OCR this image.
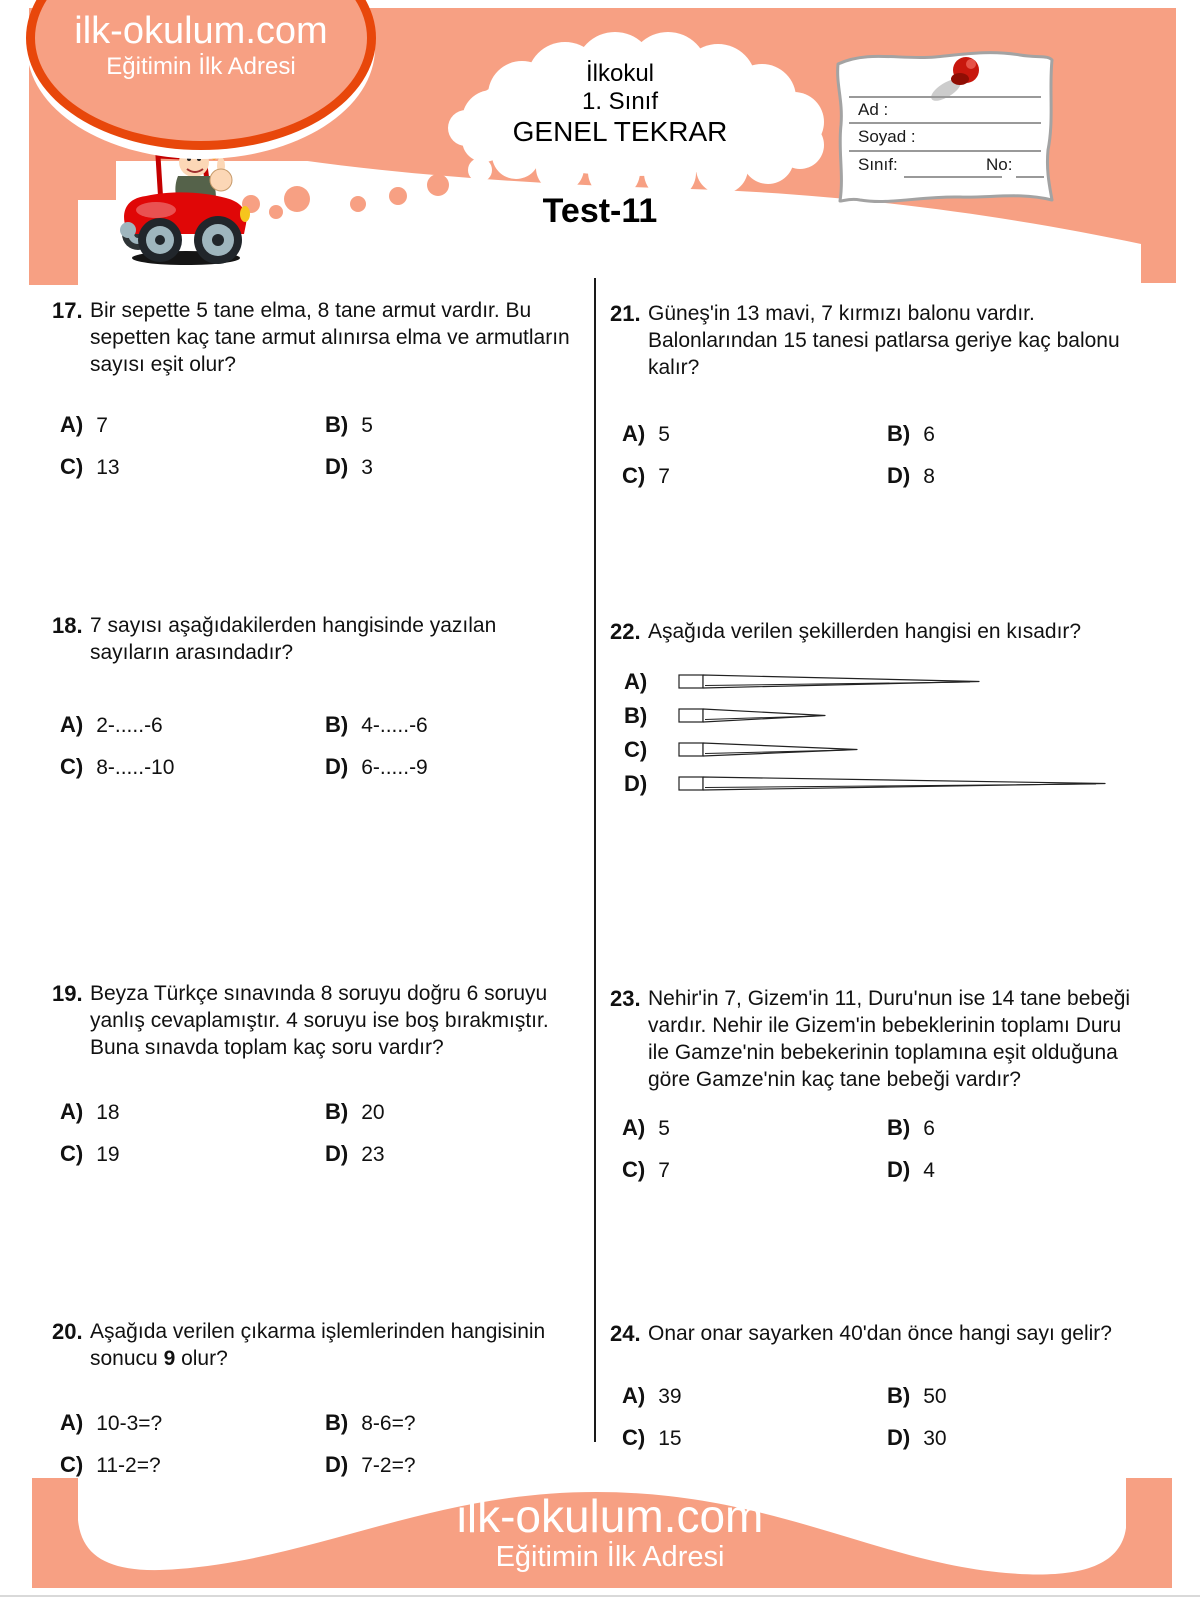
ilk-okulum.com
Eğitimin İlk Adresi	İlkokul
1. Sınıf
GENEL TEKRAR
Test-11
Ad :
Soyad :
Sınıf:	No:
17. Bir sepette 5 tane elma, 8 tane armut vardır. Bu sepetten kaç tane armut alınırsa elma ve armutların sayısı eşit olur?
A) 7	B) 5
C) 13	D) 3
18. 7 sayısı aşağıdakilerden hangisinde yazılan sayıların arasındadır?
A) 2-.....-6	B) 4-.....-6
C) 8-.....-10	D) 6-.....-9
19. Beyza Türkçe sınavında 8 soruyu doğru 6 soruyu yanlış cevaplamıştır. 4 soruyu ise boş bırakmıştır. Buna sınavda toplam kaç soru vardır?
A) 18	B) 20
C) 19	D) 23
20. Aşağıda verilen çıkarma işlemlerinden hangisinin sonucu 9 olur?
A) 10-3=?	B) 8-6=?
C) 11-2=?	D) 7-2=?
21. Güneş'in 13 mavi, 7 kırmızı balonu vardır. Balonlarından 15 tanesi patlarsa geriye kaç balonu kalır?
A) 5	B) 6
C) 7	D) 8
22. Aşağıda verilen şekillerden hangisi en kısadır?
A)
B)
C)
D)
23. Nehir'in 7, Gizem'in 11, Duru'nun ise 14 tane bebeği vardır. Nehir ile Gizem'in bebeklerinin toplamı Duru ile Gamze'nin bebekerinin toplamına eşit olduğuna göre Gamze'nin kaç tane bebeği vardır?
A) 5	B) 6
C) 7	D) 4
24. Onar onar sayarken 40'dan önce hangi sayı gelir?
A) 39	B) 50
C) 15	D) 30
ilk-okulum.com
Eğitimin İlk Adresi
